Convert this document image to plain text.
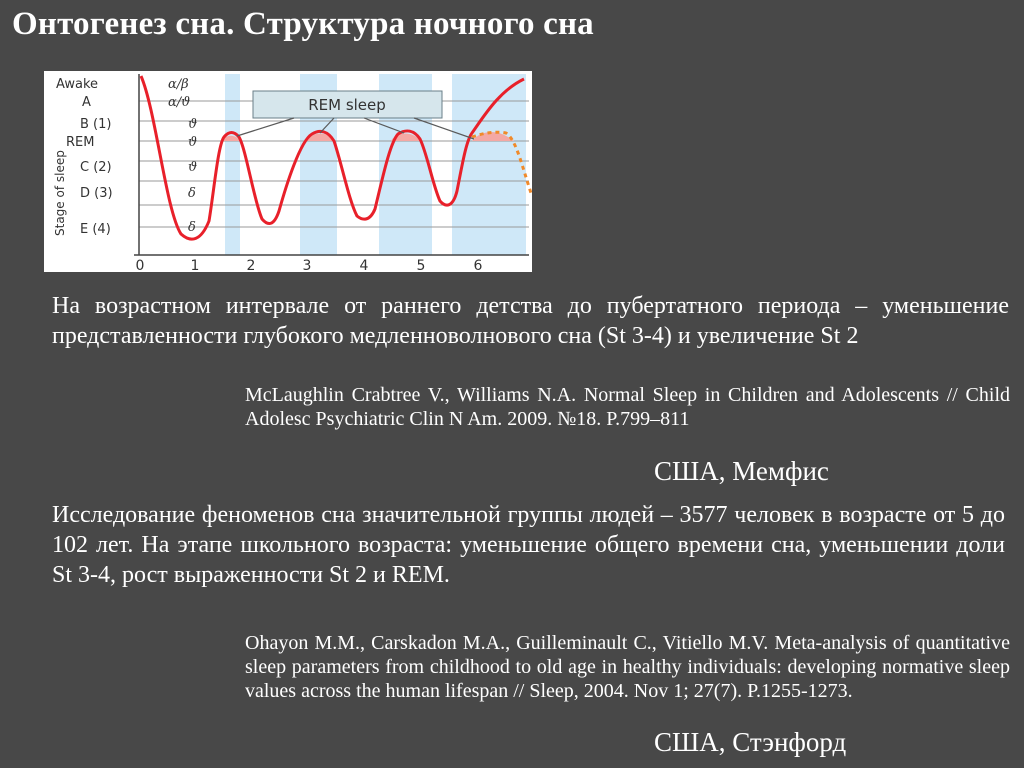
Онтогенез сна. Структура ночного сна
REM sleep
Awake
A
B (1)
REM
C (2)
D (3)
E (4)
Stage of sleep
α/β
α/ϑ
ϑ
ϑ
ϑ
δ
δ
0	1	2	3	4	5	6
На возрастном интервале от раннего детства до пубертатного периода – уменьшение представленности глубокого медленноволнового сна (St 3-4) и увеличение St 2
McLaughlin Crabtree V., Williams N.A. Normal Sleep in Children and Adolescents // Child Adolesc Psychiatric Clin N Am. 2009. №18. P.799–811
США, Мемфис
Исследование феноменов сна значительной группы людей – 3577 человек в возрасте от 5 до 102 лет. На этапе школьного возраста: уменьшение общего времени сна, уменьшении доли St 3-4, рост выраженности St 2 и REM.
Ohayon M.M., Carskadon M.A., Guilleminault C., Vitiello M.V. Meta-analysis of quantitative sleep parameters from childhood to old age in healthy individuals: developing normative sleep values across the human lifespan // Sleep, 2004. Nov 1; 27(7). P.1255-1273.
США, Стэнфорд
